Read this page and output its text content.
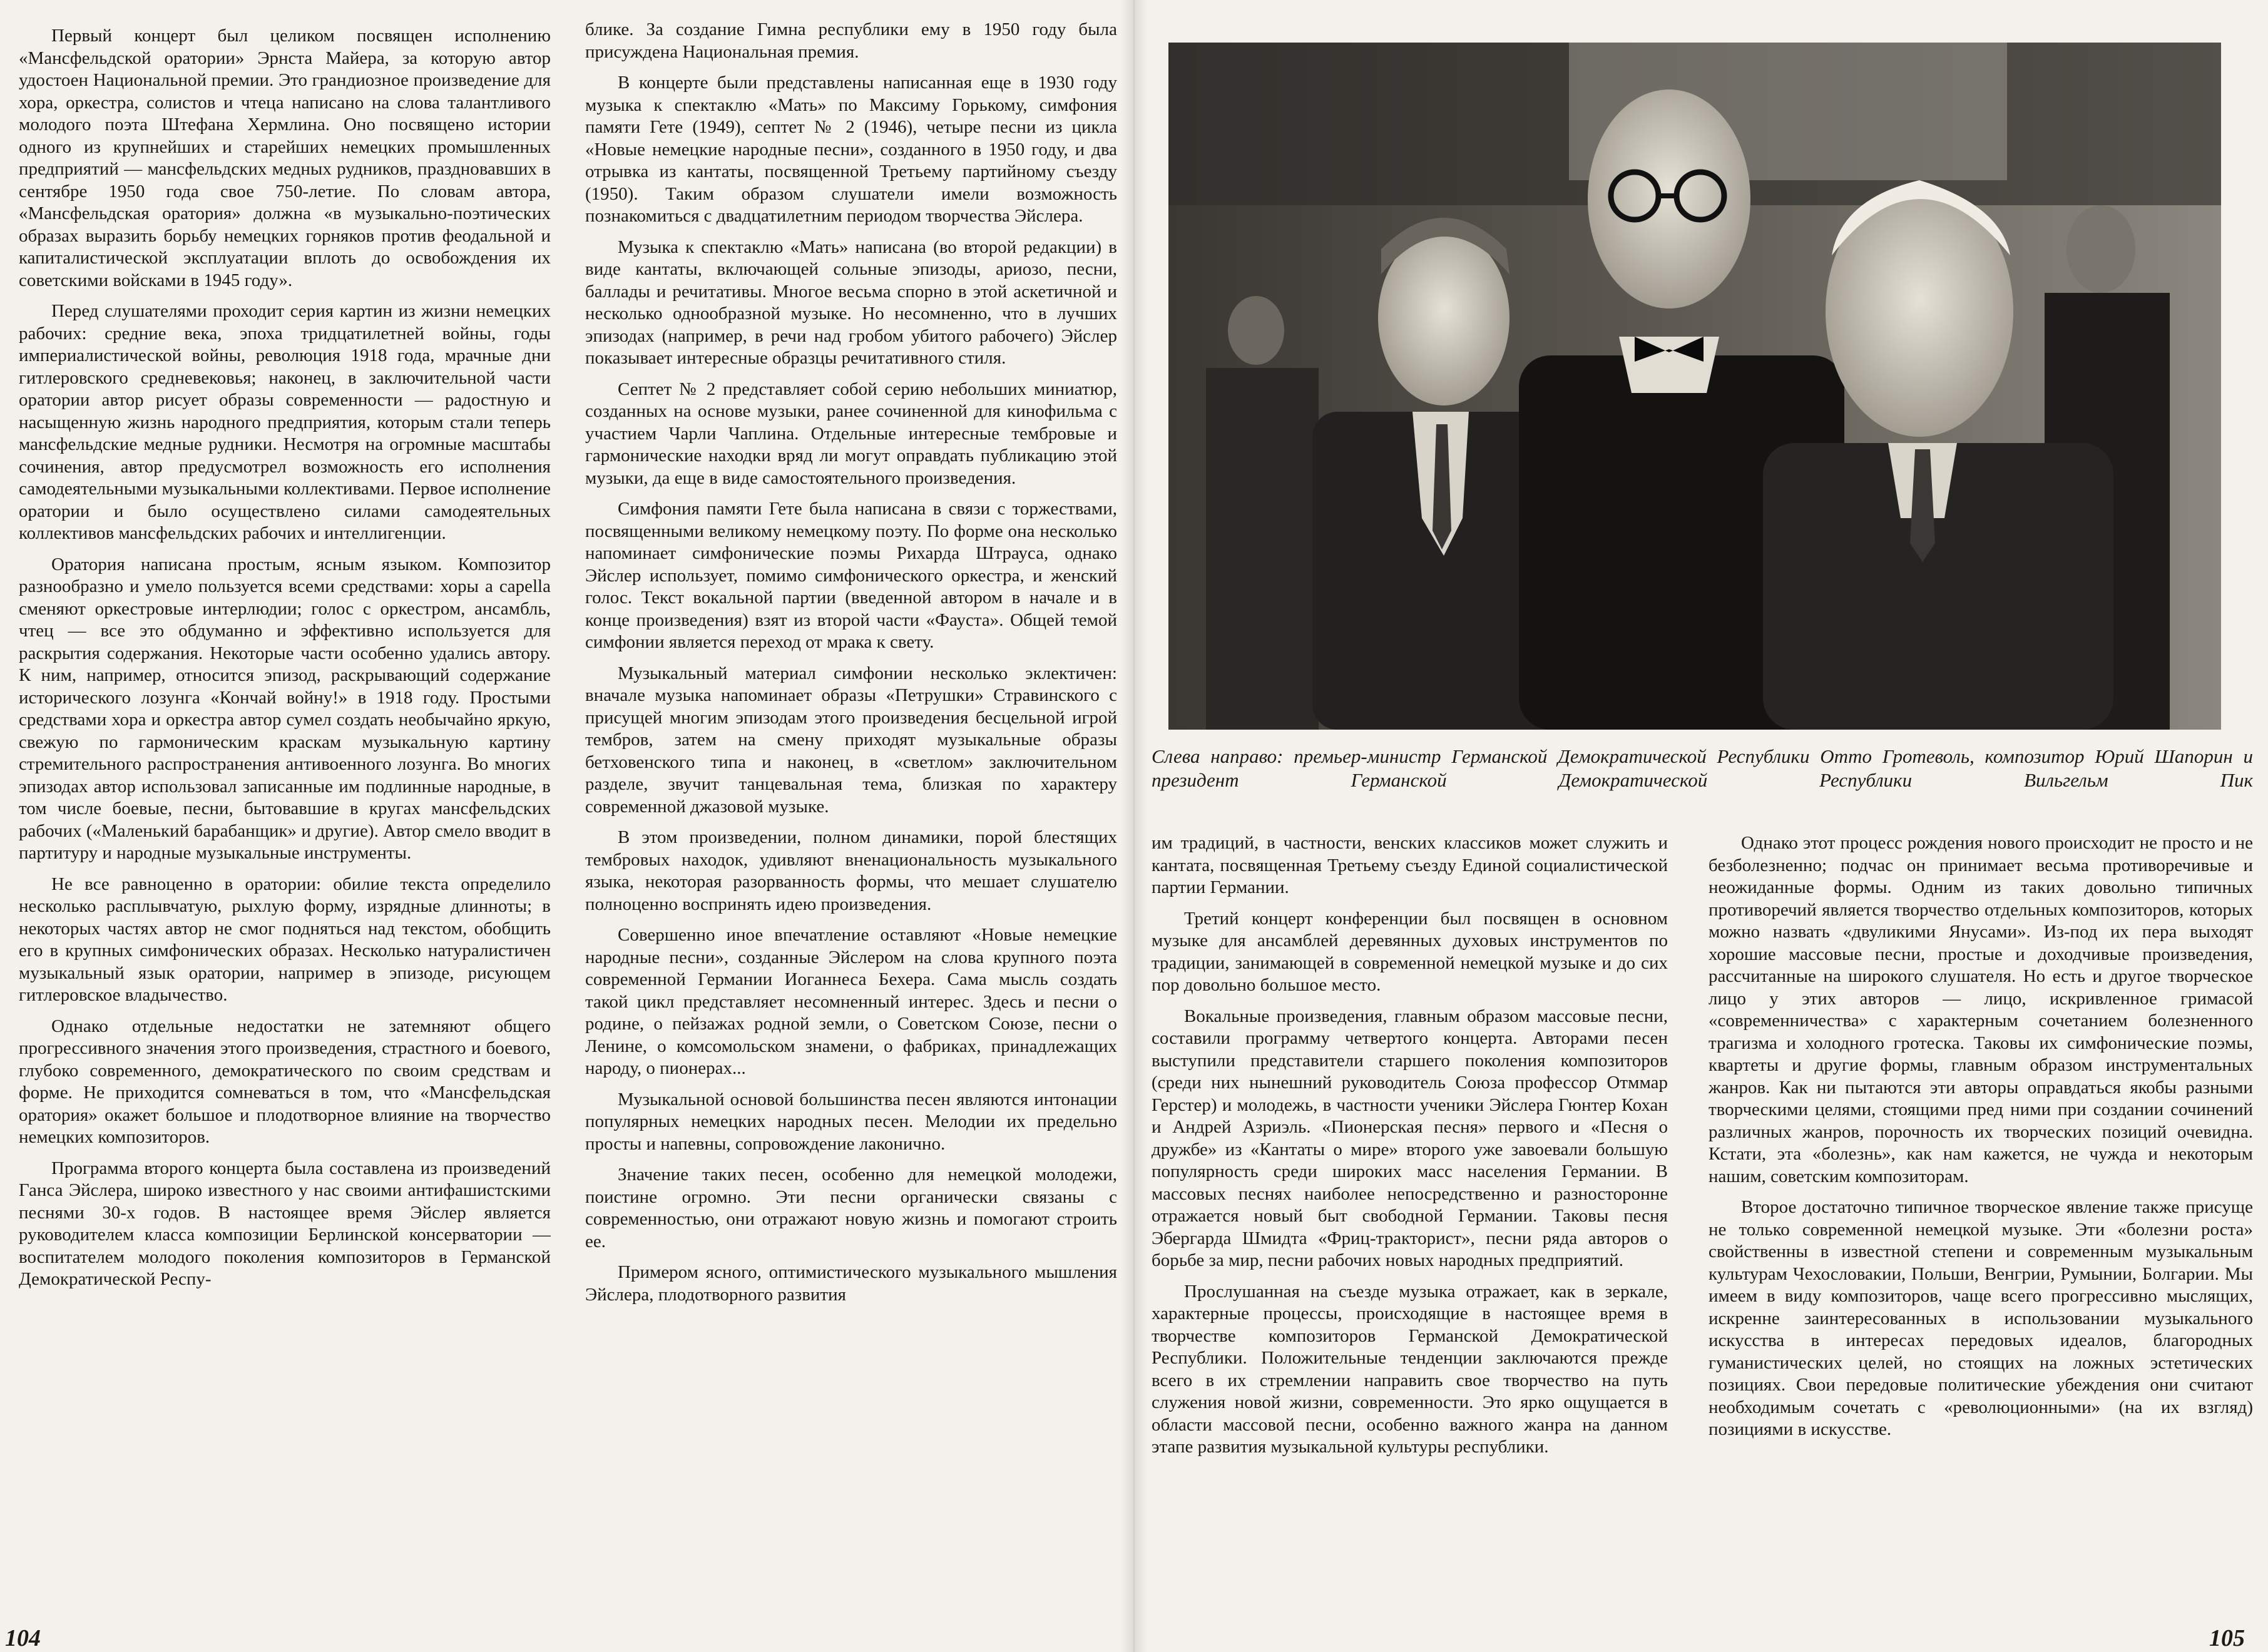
Первый концерт был целиком посвящен исполнению «Мансфельдской оратории» Эрнста Майера, за которую автор удостоен Национальной премии. Это грандиозное произведение для хора, оркестра, солистов и чтеца написано на слова талантливого молодого поэта Штефана Хермлина. Оно посвящено истории одного из крупнейших и старейших немецких промышленных предприятий — мансфельдских медных рудников, праздновавших в сентябре 1950 года свое 750-летие. По словам автора, «Мансфельдская оратория» должна «в музыкально-поэтических образах выразить борьбу немецких горняков против феодальной и капиталистической эксплуатации вплоть до освобождения их советскими войсками в 1945 году».

Перед слушателями проходит серия картин из жизни немецких рабочих: средние века, эпоха тридцатилетней войны, годы империалистической войны, революция 1918 года, мрачные дни гитлеровского средневековья; наконец, в заключительной части оратории автор рисует образы современности — радостную и насыщенную жизнь народного предприятия, которым стали теперь мансфельдские медные рудники. Несмотря на огромные масштабы сочинения, автор предусмотрел возможность его исполнения самодеятельными музыкальными коллективами. Первое исполнение оратории и было осуществлено силами самодеятельных коллективов мансфельдских рабочих и интеллигенции.

Оратория написана простым, ясным языком. Композитор разнообразно и умело пользуется всеми средствами: хоры a capella сменяют оркестровые интерлюдии; голос с оркестром, ансамбль, чтец — все это обдуманно и эффективно используется для раскрытия содержания. Некоторые части особенно удались автору. К ним, например, относится эпизод, раскрывающий содержание исторического лозунга «Кончай войну!» в 1918 году. Простыми средствами хора и оркестра автор сумел создать необычайно яркую, свежую по гармоническим краскам музыкальную картину стремительного распространения антивоенного лозунга. Во многих эпизодах автор использовал записанные им подлинные народные, в том числе боевые, песни, бытовавшие в кругах мансфельдских рабочих («Маленький барабанщик» и другие). Автор смело вводит в партитуру и народные музыкальные инструменты.

Не все равноценно в оратории: обилие текста определило несколько расплывчатую, рыхлую форму, изрядные длинноты; в некоторых частях автор не смог подняться над текстом, обобщить его в крупных симфонических образах. Несколько натуралистичен музыкальный язык оратории, например в эпизоде, рисующем гитлеровское владычество.

Однако отдельные недостатки не затемняют общего прогрессивного значения этого произведения, страстного и боевого, глубоко современного, демократического по своим средствам и форме. Не приходится сомневаться в том, что «Мансфельдская оратория» окажет большое и плодотворное влияние на творчество немецких композиторов.

Программа второго концерта была составлена из произведений Ганса Эйслера, широко известного у нас своими антифашистскими песнями 30-х годов. В настоящее время Эйслер является руководителем класса композиции Берлинской консерватории — воспитателем молодого поколения композиторов в Германской Демократической Респу-

блике. За создание Гимна республики ему в 1950 году была присуждена Национальная премия.

В концерте были представлены написанная еще в 1930 году музыка к спектаклю «Мать» по Максиму Горькому, симфония памяти Гете (1949), септет № 2 (1946), четыре песни из цикла «Новые немецкие народные песни», созданного в 1950 году, и два отрывка из кантаты, посвященной Третьему партийному съезду (1950). Таким образом слушатели имели возможность познакомиться с двадцатилетним периодом творчества Эйслера.

Музыка к спектаклю «Мать» написана (во второй редакции) в виде кантаты, включающей сольные эпизоды, ариозо, песни, баллады и речитативы. Многое весьма спорно в этой аскетичной и несколько однообразной музыке. Но несомненно, что в лучших эпизодах (например, в речи над гробом убитого рабочего) Эйслер показывает интересные образцы речитативного стиля.

Септет № 2 представляет собой серию небольших миниатюр, созданных на основе музыки, ранее сочиненной для кинофильма с участием Чарли Чаплина. Отдельные интересные тембровые и гармонические находки вряд ли могут оправдать публикацию этой музыки, да еще в виде самостоятельного произведения.

Симфония памяти Гете была написана в связи с торжествами, посвященными великому немецкому поэту. По форме она несколько напоминает симфонические поэмы Рихарда Штрауса, однако Эйслер использует, помимо симфонического оркестра, и женский голос. Текст вокальной партии (введенной автором в начале и в конце произведения) взят из второй части «Фауста». Общей темой симфонии является переход от мрака к свету.

Музыкальный материал симфонии несколько эклектичен: вначале музыка напоминает образы «Петрушки» Стравинского с присущей многим эпизодам этого произведения бесцельной игрой тембров, затем на смену приходят музыкальные образы бетховенского типа и наконец, в «светлом» заключительном разделе, звучит танцевальная тема, близкая по характеру современной джазовой музыке.

В этом произведении, полном динамики, порой блестящих тембровых находок, удивляют вненациональность музыкального языка, некоторая разорванность формы, что мешает слушателю полноценно воспринять идею произведения.

Совершенно иное впечатление оставляют «Новые немецкие народные песни», созданные Эйслером на слова крупного поэта современной Германии Иоганнеса Бехера. Сама мысль создать такой цикл представляет несомненный интерес. Здесь и песни о родине, о пейзажах родной земли, о Советском Союзе, песни о Ленине, о комсомольском знамени, о фабриках, принадлежащих народу, о пионерах...

Музыкальной основой большинства песен являются интонации популярных немецких народных песен. Мелодии их предельно просты и напевны, сопровождение лаконично.

Значение таких песен, особенно для немецкой молодежи, поистине огромно. Эти песни органически связаны с современностью, они отражают новую жизнь и помогают строить ее.

Примером ясного, оптимистического музыкального мышления Эйслера, плодотворного развития

104
Слева направо: премьер-министр Германской Демократической Республики Отто Гротеволь, композитор Юрий Шапорин и президент Германской Демократической Республики Вильгельм Пик

им традиций, в частности, венских классиков может служить и кантата, посвященная Третьему съезду Единой социалистической партии Германии.

Третий концерт конференции был посвящен в основном музыке для ансамблей деревянных духовых инструментов по традиции, занимающей в современной немецкой музыке и до сих пор довольно большое место.

Вокальные произведения, главным образом массовые песни, составили программу четвертого концерта. Авторами песен выступили представители старшего поколения композиторов (среди них нынешний руководитель Союза профессор Отммар Герстер) и молодежь, в частности ученики Эйслера Гюнтер Кохан и Андрей Азриэль. «Пионерская песня» первого и «Песня о дружбе» из «Кантаты о мире» второго уже завоевали большую популярность среди широких масс населения Германии. В массовых песнях наиболее непосредственно и разносторонне отражается новый быт свободной Германии. Таковы песня Эбергарда Шмидта «Фриц-тракторист», песни ряда авторов о борьбе за мир, песни рабочих новых народных предприятий.

Прослушанная на съезде музыка отражает, как в зеркале, характерные процессы, происходящие в настоящее время в творчестве композиторов Германской Демократической Республики. Положительные тенденции заключаются прежде всего в их стремлении направить свое творчество на путь служения новой жизни, современности. Это ярко ощущается в области массовой песни, особенно важного жанра на данном этапе развития музыкальной культуры республики.

Однако этот процесс рождения нового происходит не просто и не безболезненно; подчас он принимает весьма противоречивые и неожиданные формы. Одним из таких довольно типичных противоречий является творчество отдельных композиторов, которых можно назвать «двуликими Янусами». Из-под их пера выходят хорошие массовые песни, простые и доходчивые произведения, рассчитанные на широкого слушателя. Но есть и другое творческое лицо у этих авторов — лицо, искривленное гримасой «современничества» с характерным сочетанием болезненного трагизма и холодного гротеска. Таковы их симфонические поэмы, квартеты и другие формы, главным образом инструментальных жанров. Как ни пытаются эти авторы оправдаться якобы разными творческими целями, стоящими пред ними при создании сочинений различных жанров, порочность их творческих позиций очевидна. Кстати, эта «болезнь», как нам кажется, не чужда и некоторым нашим, советским композиторам.

Второе достаточно типичное творческое явление также присуще не только современной немецкой музыке. Эти «болезни роста» свойственны в известной степени и современным музыкальным культурам Чехословакии, Польши, Венгрии, Румынии, Болгарии. Мы имеем в виду композиторов, чаще всего прогрессивно мыслящих, искренне заинтересованных в использовании музыкального искусства в интересах передовых идеалов, благородных гуманистических целей, но стоящих на ложных эстетических позициях. Свои передовые политические убеждения они считают необходимым сочетать с «революционными» (на их взгляд) позициями в искусстве.

105
